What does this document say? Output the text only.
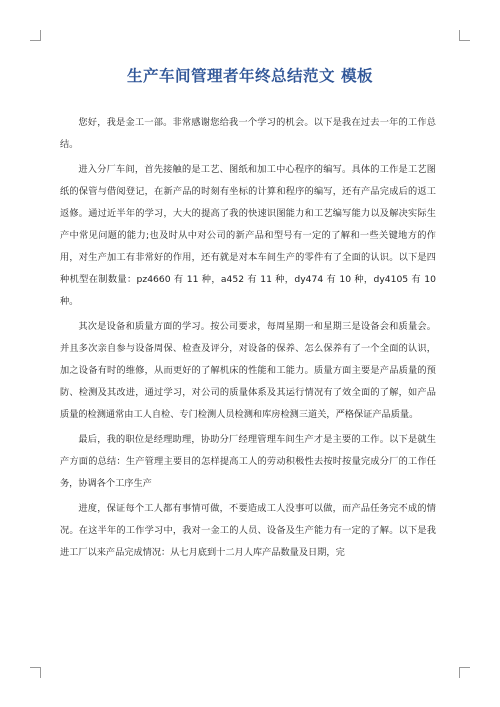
生产车间管理者年终总结范文 模板

您好，我是金工一部。非常感谢您给我一个学习的机会。以下是我在过去一年的工作总结。

进入分厂车间，首先接触的是工艺、图纸和加工中心程序的编写。具体的工作是工艺图纸的保管与借阅登记，在新产品的时刻有坐标的计算和程序的编写，还有产品完成后的返工返修。通过近半年的学习，大大的提高了我的快速识图能力和工艺编写能力以及解决实际生产中常见问题的能力;也及时从中对公司的新产品和型号有一定的了解和一些关键地方的作用，对生产加工有非常好的作用，还有就是对本车间生产的零件有了全面的认识。以下是四种机型在制数量：pz4660 有 11 种，a452 有 11 种，dy474 有 10 种，dy4105 有 10 种。

其次是设备和质量方面的学习。按公司要求，每周星期一和星期三是设备会和质量会。并且多次亲自参与设备周保、检查及评分，对设备的保养、怎么保养有了一个全面的认识，加之设备有时的维修，从而更好的了解机床的性能和工能力。质量方面主要是产品质量的预防、检测及其改进，通过学习，对公司的质量体系及其运行情况有了效全面的了解，如产品质量的检测通常由工人自检、专门检测人员检测和库房检测三道关，严格保证产品质量。

最后，我的职位是经理助理，协助分厂经理管理车间生产才是主要的工作。以下是就生产方面的总结：生产管理主要目的怎样提高工人的劳动积极性去按时按量完成分厂的工作任务，协调各个工序生产

进度，保证每个工人都有事情可做，不要造成工人没事可以做，而产品任务完不成的情况。在这半年的工作学习中，我对一金工的人员、设备及生产能力有一定的了解。以下是我进工厂以来产品完成情况：从七月底到十二月人库产品数量及日期，完
